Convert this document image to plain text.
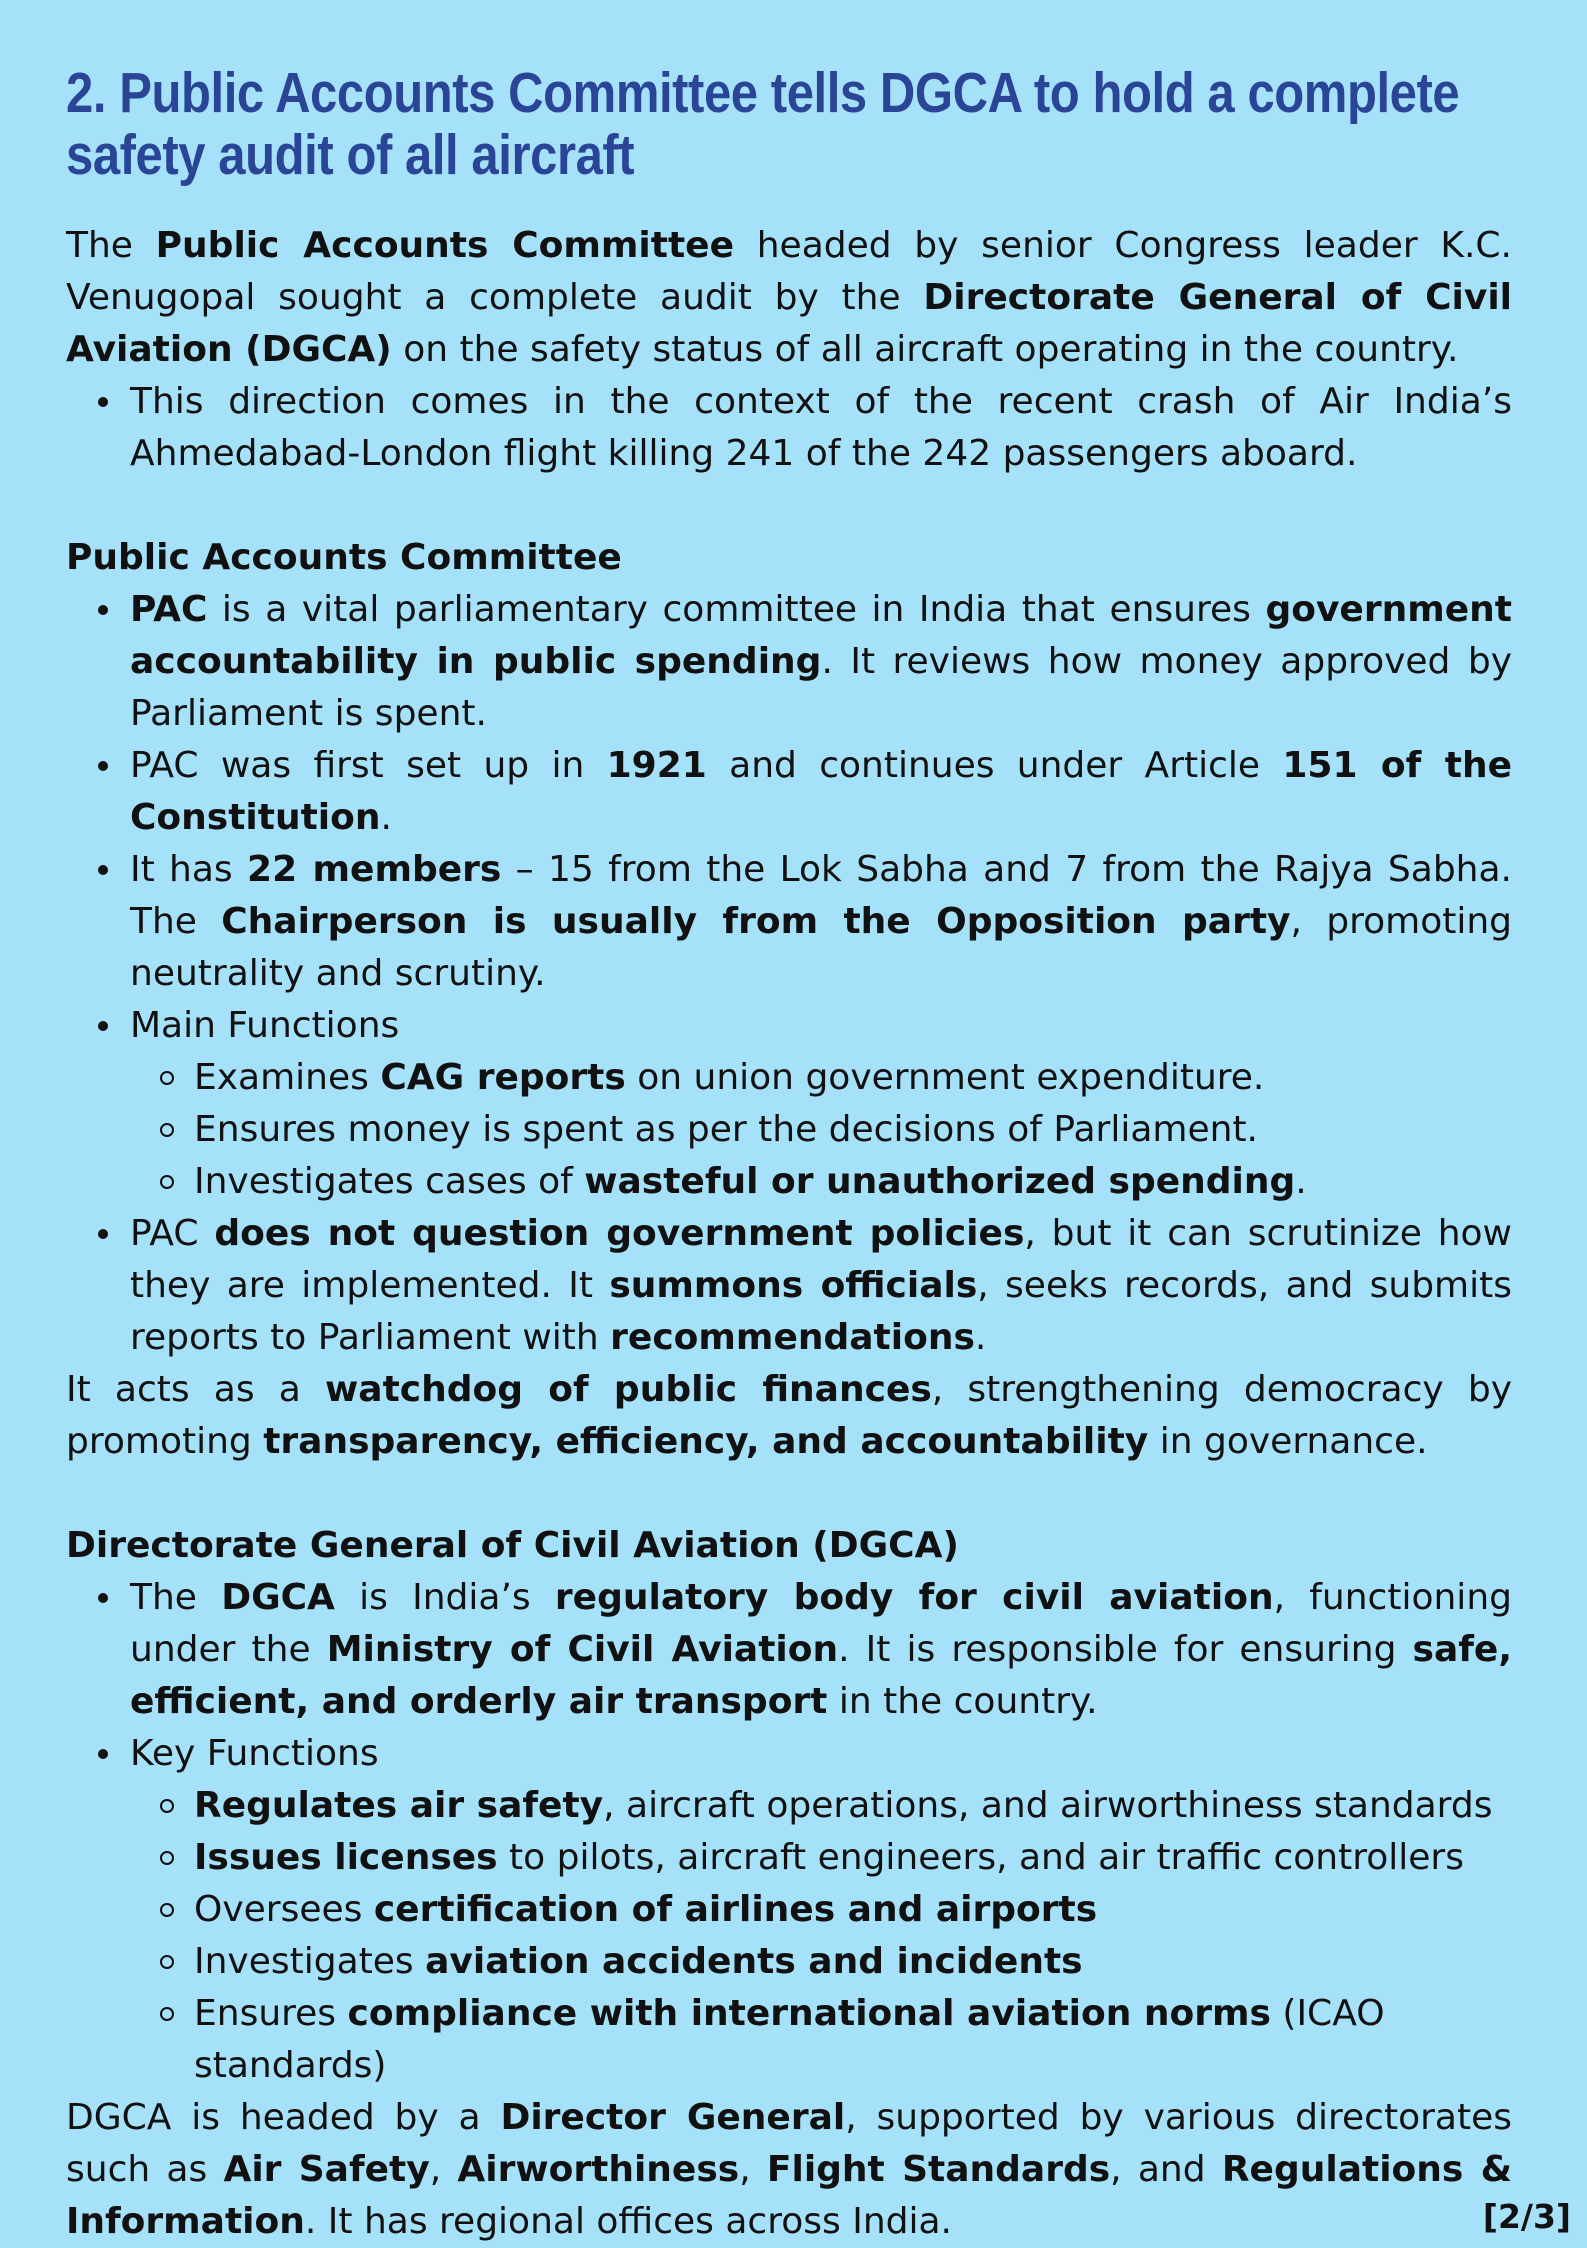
2. Public Accounts Committee tells DGCA to hold a complete safety audit of all aircraft

The Public Accounts Committee headed by senior Congress leader K.C. Venugopal sought a complete audit by the Directorate General of Civil Aviation (DGCA) on the safety status of all aircraft operating in the country.

This direction comes in the context of the recent crash of Air India’s Ahmedabad-London flight killing 241 of the 242 passengers aboard.
Public Accounts Committee
PAC is a vital parliamentary committee in India that ensures government accountability in public spending. It reviews how money approved by Parliament is spent.
PAC was first set up in 1921 and continues under Article 151 of the Constitution.
It has 22 members – 15 from the Lok Sabha and 7 from the Rajya Sabha. The Chairperson is usually from the Opposition party, promoting neutrality and scrutiny.
Main Functions
Examines CAG reports on union government expenditure.
Ensures money is spent as per the decisions of Parliament.
Investigates cases of wasteful or unauthorized spending.
PAC does not question government policies, but it can scrutinize how they are implemented. It summons officials, seeks records, and submits reports to Parliament with recommendations.

It acts as a watchdog of public finances, strengthening democracy by promoting transparency, efficiency, and accountability in governance.

Directorate General of Civil Aviation (DGCA)
The DGCA is India’s regulatory body for civil aviation, functioning under the Ministry of Civil Aviation. It is responsible for ensuring safe, efficient, and orderly air transport in the country.
Key Functions
Regulates air safety, aircraft operations, and airworthiness standards
Issues licenses to pilots, aircraft engineers, and air traffic controllers
Oversees certification of airlines and airports
Investigates aviation accidents and incidents
Ensures compliance with international aviation norms (ICAO standards)

DGCA is headed by a Director General, supported by various directorates such as Air Safety, Airworthiness, Flight Standards, and Regulations & Information. It has regional offices across India.	[2/3]
